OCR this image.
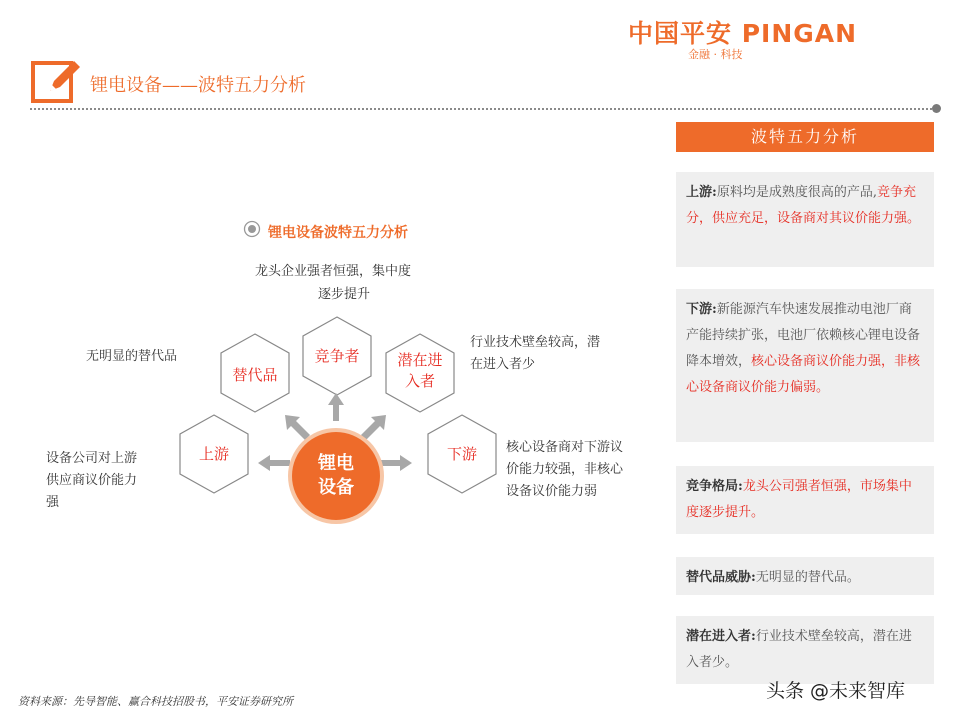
中国平安 PINGAN
金融 · 科技
锂电设备——波特五力分析
锂电设备波特五力分析
上游
替代品
竞争者	潜在进
入者
下游
锂电
设备
龙头企业强者恒强，集中度
逐步提升
无明显的替代品
行业技术壁垒较高，潜
在进入者少
设备公司对上游
供应商议价能力
强
核心设备商对下游议
价能力较强，非核心
设备议价能力弱
波特五力分析
上游:原料均是成熟度很高的产品,竞争充分，供应充足，设备商对其议价能力强。
下游:新能源汽车快速发展推动电池厂商产能持续扩张，电池厂依赖核心锂电设备降本增效，核心设备商议价能力强，非核心设备商议价能力偏弱。
竞争格局:龙头公司强者恒强，市场集中度逐步提升。
替代品威胁:无明显的替代品。
潜在进入者:行业技术壁垒较高，潜在进入者少。
资料来源：先导智能、赢合科技招股书，平安证券研究所	头条 @未来智库
